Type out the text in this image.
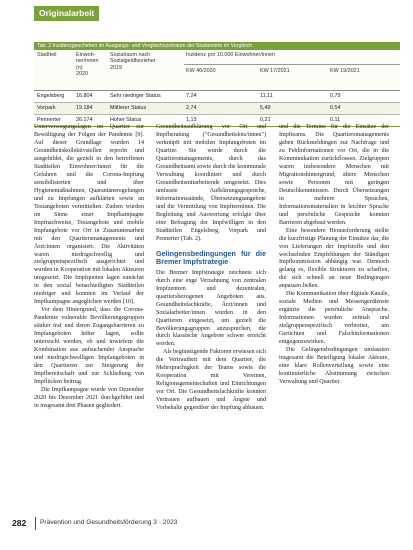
Originalarbeit
Tab. 2 Inzidenzgeschehen im Ausgangs- und Vergleichszeitraum der Studienorte im Vergleich
Stadtteil	Einwoh-
ner/innen
(n)
2020
Sozialraum nach
Sozialgeldbezieher
2019
Inzidenz pro 10.000 Einwohner/innen
KW 46/2020	KW 17/2021	KW 19/2021
Engelsberg 16.804	Sehr niedriger Status	7,24	11,11	0,79
Vorpark	19.184	Mittlerer Status	2,74	5,49	0,54
Pennerter	26.174	Hoher Status	1,13	0,21	0,11

Unterversorgungslagen im Quartier zur Bewältigung der Folgen der Pandemie [9]. Auf dieser Grundlage wurden 14 Gesundheitskollektivstellen erprobt und ausgebildet, die gezielt in den betroffenen Stadtteilen Einwohner/innen für die Gefahren und die Corona-Impfung sensibilisierten und über Hygienemaßnahmen, Quarantäneregelungen und zu Impfungen aufklärten sowie an Testangeboten vermittelten. Zudem wurden im Sinne einer Impfkampagne Impfnachweise, Testangebote und mobile Impfangebote vor Ort in Zusammenarbeit mit den Quartiersmanagements und Ärzt/innen organisiert. Die Aktivitäten waren niedrigschwellig und zielgruppenspezifisch ausgerichtet und wurden in Kooperation mit lokalen Akteuren umgesetzt. Die Impfquoten lagen zunächst in den sozial benachteiligten Stadtteilen niedriger und konnten im Verlauf der Impfkampagne angeglichen werden [10].

Vor dem Hintergrund, dass die Corona-Pandemie vulnerable Bevölkerungsgruppen stärker traf und deren Zugangsbarrieren zu Impfangeboten höher lagen, sollte untersucht werden, ob und inwiefern die Kombination aus aufsuchender Ansprache und niedrigschwelligen Impfangeboten in den Quartieren zur Steigerung der Impfbereitschaft und zur Schließung von Impflücken beitrug.

Die Impfkampagne wurde von Dezember 2020 bis Dezember 2021 durchgeführt und in insgesamt drei Phasen gegliedert.

Gesundheitsaufklärung vor Ort und Impfberatung ("Gesundheitslots/innen") verknüpft mit mobilen Impfangeboten im Quartier. Sie wurde durch die Quartiersmanagements, durch das Gesundheitsamt sowie durch die kommunale Verwaltung koordiniert und durch Gesundheitsmitarbeitende umgesetzt. Dies umfasste Aufklärungsgespräche, Informationsstände, Übersetzungsangebote und die Vermittlung von Impfterminen. Die Begleitung und Auswertung erfolgte über eine Befragung der Impfwilligen in den Stadtteilen Engelsberg, Vorpark und Pennerter (Tab. 2).

Gelingensbedingungen für die Bremer Impfstrategie

Die Bremer Impfstrategie zeichnete sich durch eine enge Verzahnung von zentralen Impfzentren und dezentralen, quartiersbezogenen Angeboten aus. Gesundheitsfachkräfte, Ärzt/innen und Sozialarbeiter/innen wurden in den Quartieren eingesetzt, um gezielt die Bevölkerungsgruppen anzusprechen, die durch klassische Angebote schwer erreicht werden.

Als begünstigende Faktoren erwiesen sich die Vertrautheit mit dem Quartier, die Mehrsprachigkeit der Teams sowie die Kooperation mit Vereinen, Religionsgemeinschaften und Einrichtungen vor Ort. Die Gesundheitsfachkräfte konnten Vertrauen aufbauen und Ängste und Vorbehalte gegenüber der Impfung abbauen.

und die Termine für die Einsätze der Impfteams. Die Quartiersmanagements gaben Rückmeldungen zur Nachfrage und zu Fehlinformationen vor Ort, die in die Kommunikation zurückflossen. Zielgruppen waren insbesondere Menschen mit Migrationshintergrund, ältere Menschen sowie Personen mit geringen Deutschkenntnissen. Durch Übersetzungen in mehrere Sprachen, Informationsmaterialien in leichter Sprache und persönliche Gespräche konnten Barrieren abgebaut werden.

Eine besondere Herausforderung stellte die kurzfristige Planung der Einsätze dar, die von Lieferungen der Impfstoffe und den wechselnden Empfehlungen der Ständigen Impfkommission abhängig war. Dennoch gelang es, flexible Strukturen zu schaffen, die sich schnell an neue Bedingungen anpassen ließen.

Die Kommunikation über digitale Kanäle, soziale Medien und Messengerdienste ergänzte die persönliche Ansprache. Informationen wurden zeitnah und zielgruppenspezifisch verbreitet, um Gerüchten und Falschinformationen entgegenzuwirken.

Die Gelingensbedingungen umfassten insgesamt die Beteiligung lokaler Akteure, eine klare Rollenverteilung sowie eine kontinuierliche Abstimmung zwischen Verwaltung und Quartier.

282 Prävention und Gesundheitsförderung 3 · 2023
